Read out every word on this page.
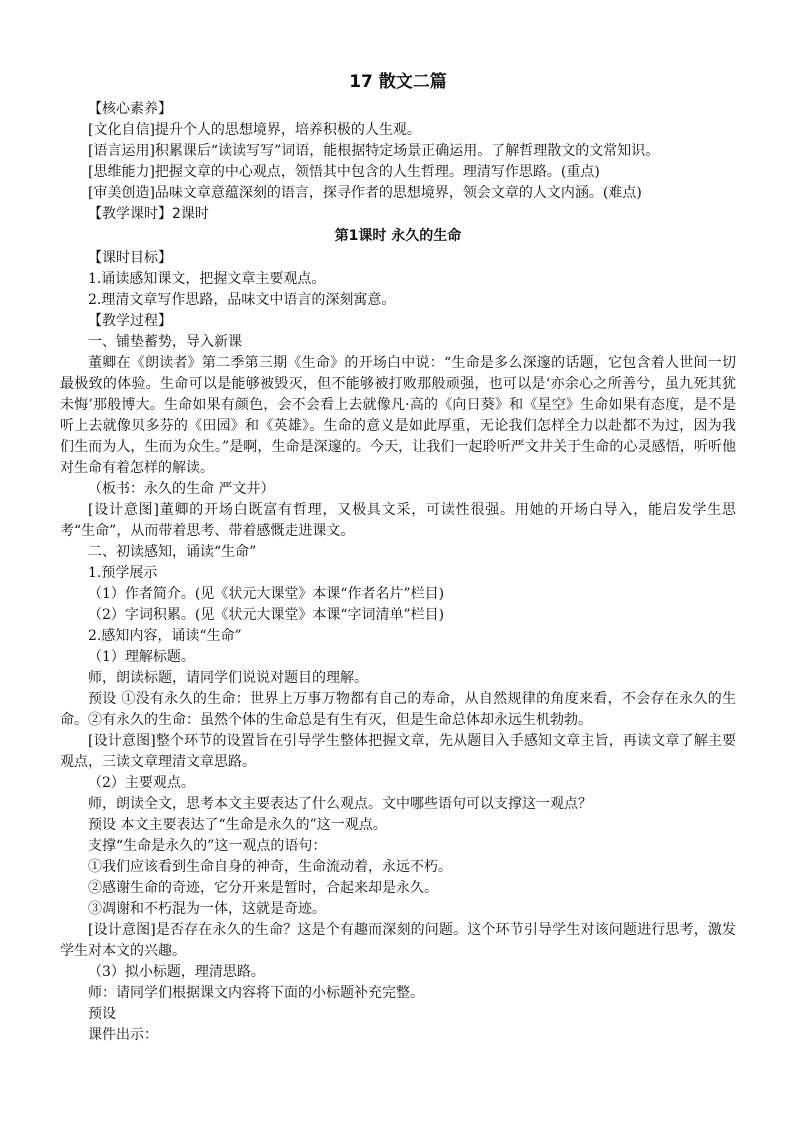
17 散文二篇
【核心素养】

[文化自信]提升个人的思想境界，培养积极的人生观。

[语言运用]积累课后“读读写写”词语，能根据特定场景正确运用。了解哲理散文的文常知识。

[思维能力]把握文章的中心观点，领悟其中包含的人生哲理。理清写作思路。(重点)

[审美创造]品味文章意蕴深刻的语言，探寻作者的思想境界，领会文章的人文内涵。(难点)

【教学课时】2课时
第1课时 永久的生命
【课时目标】

1.诵读感知课文，把握文章主要观点。

2.理清文章写作思路，品味文中语言的深刻寓意。

【教学过程】

一、铺垫蓄势，导入新课

董卿在《朗读者》第二季第三期《生命》的开场白中说：“生命是多么深邃的话题，它包含着人世间一切最极致的体验。生命可以是能够被毁灭，但不能够被打败那般顽强，也可以是‘亦余心之所善兮，虽九死其犹未悔’那般博大。生命如果有颜色，会不会看上去就像凡·高的《向日葵》和《星空》生命如果有态度，是不是听上去就像贝多芬的《田园》和《英雄》。生命的意义是如此厚重，无论我们怎样全力以赴都不为过，因为我们生而为人，生而为众生。”是啊，生命是深邃的。今天，让我们一起聆听严文井关于生命的心灵感悟，听听他对生命有着怎样的解读。

（板书：永久的生命 严文井）

[设计意图]董卿的开场白既富有哲理，又极具文采，可读性很强。用她的开场白导入，能启发学生思考“生命”，从而带着思考、带着感慨走进课文。

二、初读感知，诵读“生命”

1.预学展示

（1）作者简介。(见《状元大课堂》本课“作者名片”栏目)

（2）字词积累。(见《状元大课堂》本课“字词清单”栏目)

2.感知内容，诵读“生命”

（1）理解标题。

师，朗读标题，请同学们说说对题目的理解。

预设 ①没有永久的生命：世界上万事万物都有自己的寿命，从自然规律的角度来看，不会存在永久的生命。②有永久的生命：虽然个体的生命总是有生有灭，但是生命总体却永远生机勃勃。

[设计意图]整个环节的设置旨在引导学生整体把握文章，先从题目入手感知文章主旨，再读文章了解主要观点，三读文章理清文章思路。

（2）主要观点。

师，朗读全文，思考本文主要表达了什么观点。文中哪些语句可以支撑这一观点？

预设 本文主要表达了“生命是永久的”这一观点。

支撑“生命是永久的”这一观点的语句：

①我们应该看到生命自身的神奇，生命流动着，永远不朽。

②感谢生命的奇迹，它分开来是暂时，合起来却是永久。

③凋谢和不朽混为一体，这就是奇迹。

[设计意图]是否存在永久的生命？这是个有趣而深刻的问题。这个环节引导学生对该问题进行思考，激发学生对本文的兴趣。

（3）拟小标题，理清思路。

师：请同学们根据课文内容将下面的小标题补充完整。

预设

课件出示：
